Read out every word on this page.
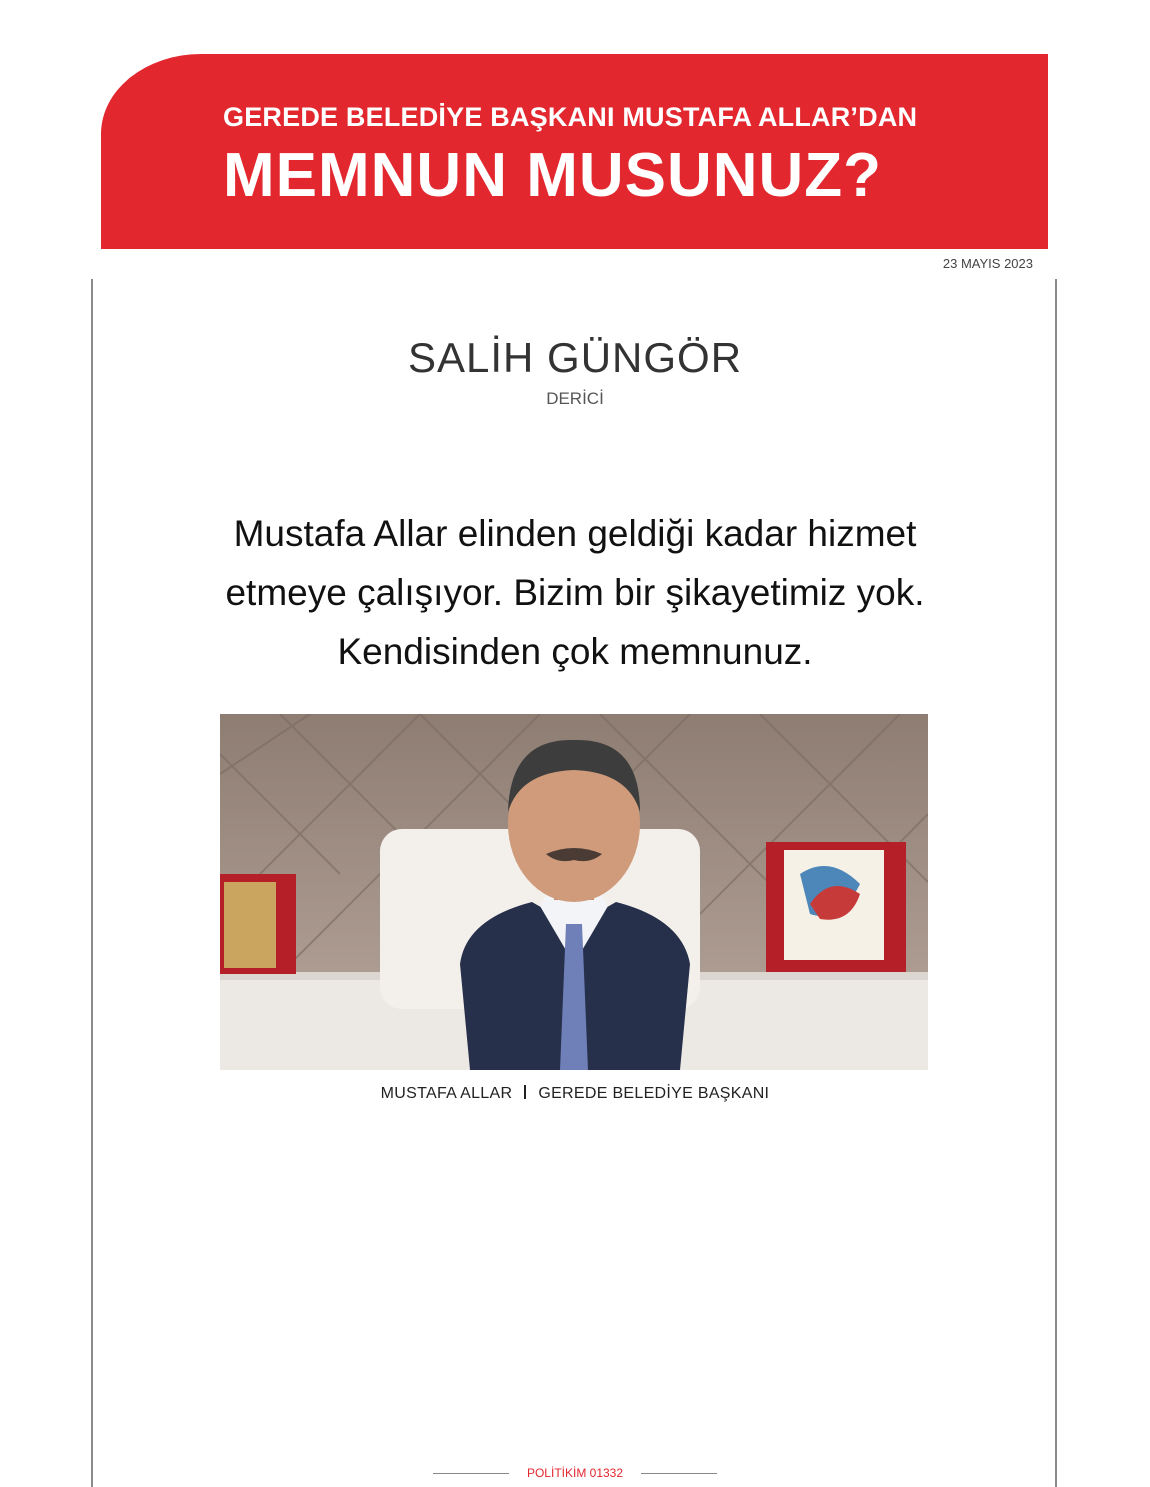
GEREDE BELEDİYE BAŞKANI MUSTAFA ALLAR’DAN
MEMNUN MUSUNUZ?
23 MAYIS 2023
SALİH GÜNGÖR
DERİCİ
Mustafa Allar elinden geldiği kadar hizmet
etmeye çalışıyor. Bizim bir şikayetimiz yok.
Kendisinden çok memnunuz.
MUSTAFA ALLAR GEREDE BELEDİYE BAŞKANI
POLİTİKİM 01332
